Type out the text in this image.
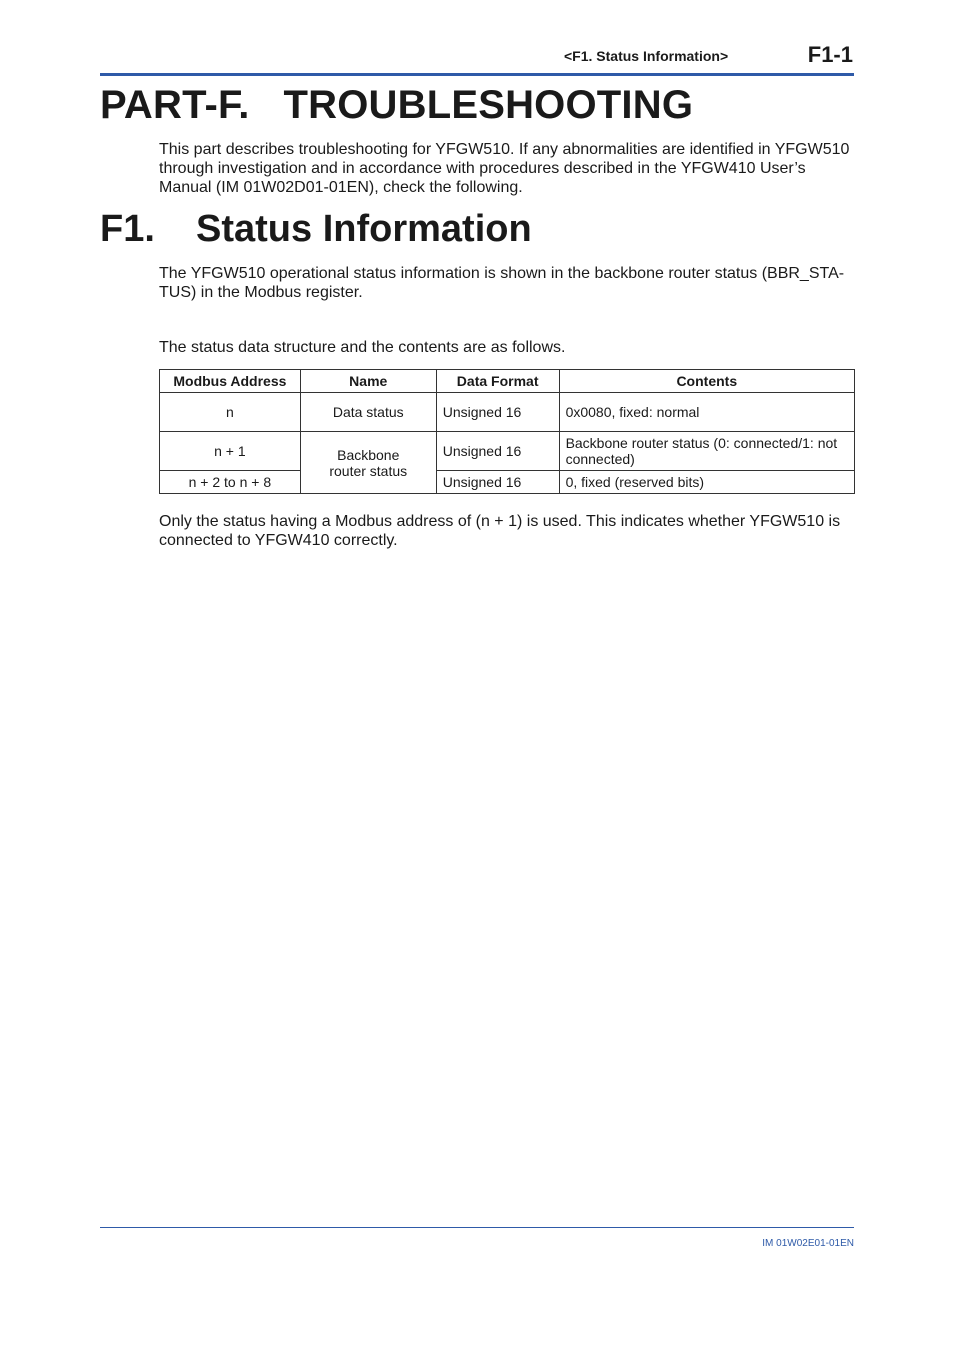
<F1. Status Information>	F1-1
PART-F.   TROUBLESHOOTING

This part describes troubleshooting for YFGW510. If any abnormalities are identified in YFGW510 through investigation and in accordance with procedures described in the YFGW410 User’s Manual (IM 01W02D01-01EN), check the following.

F1. Status Information

The YFGW510 operational status information is shown in the backbone router status (BBR_STA-TUS) in the Modbus register.

The status data structure and the contents are as follows.

Modbus Address	Name	Data Format	Contents
n	Data status	Unsigned 16	0x0080, fixed: normal
n + 1	Backbone router status	Unsigned 16	Backbone router status (0: connected/1: not connected)
n + 2 to n + 8		Unsigned 16	0, fixed (reserved bits)

Only the status having a Modbus address of (n + 1) is used. This indicates whether YFGW510 is connected to YFGW410 correctly.

IM 01W02E01-01EN
